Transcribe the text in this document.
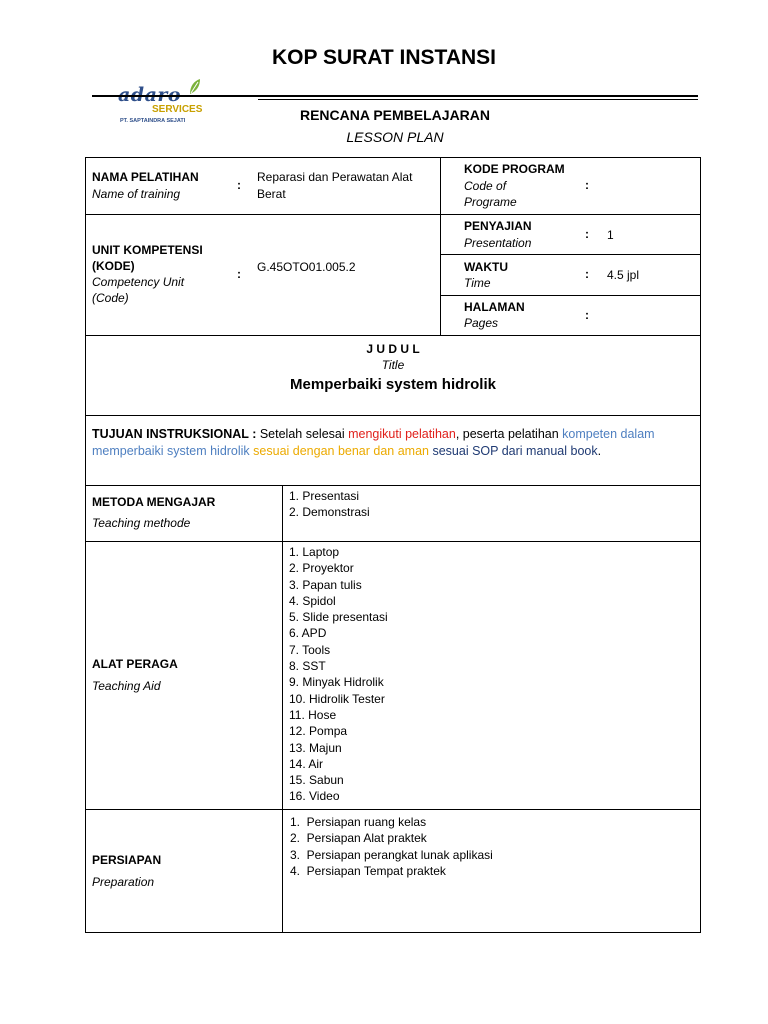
KOP SURAT INSTANSI
adaro
SERVICES
PT. SAPTAINDRA SEJATI	RENCANA PEMBELAJARAN
LESSON PLAN
NAMA PELATIHAN
Name of training
:
Reparasi dan Perawatan Alat
Berat
UNIT KOMPETENSI
(KODE)
Competency Unit
(Code)
: G.45OTO01.005.2
KODE PROGRAM
Code of
Programe
:
PENYAJIAN
Presentation
: 1
WAKTU
Time
: 4.5 jpl
HALAMAN
Pages
:
J U D U L
Title
Memperbaiki system hidrolik
TUJUAN INSTRUKSIONAL : Setelah selesai mengikuti pelatihan, peserta pelatihan kompeten dalam
memperbaiki system hidrolik sesuai dengan benar dan aman sesuai SOP dari manual book.
METODA MENGAJAR
Teaching methode
1. Presentasi
2. Demonstrasi
ALAT PERAGA
Teaching Aid
1. Laptop
2. Proyektor
3. Papan tulis
4. Spidol
5. Slide presentasi
6. APD
7. Tools
8. SST
9. Minyak Hidrolik
10. Hidrolik Tester
11. Hose
12. Pompa
13. Majun
14. Air
15. Sabun
16. Video
PERSIAPAN
Preparation
1.  Persiapan ruang kelas
2.  Persiapan Alat praktek
3.  Persiapan perangkat lunak aplikasi
4.  Persiapan Tempat praktek
